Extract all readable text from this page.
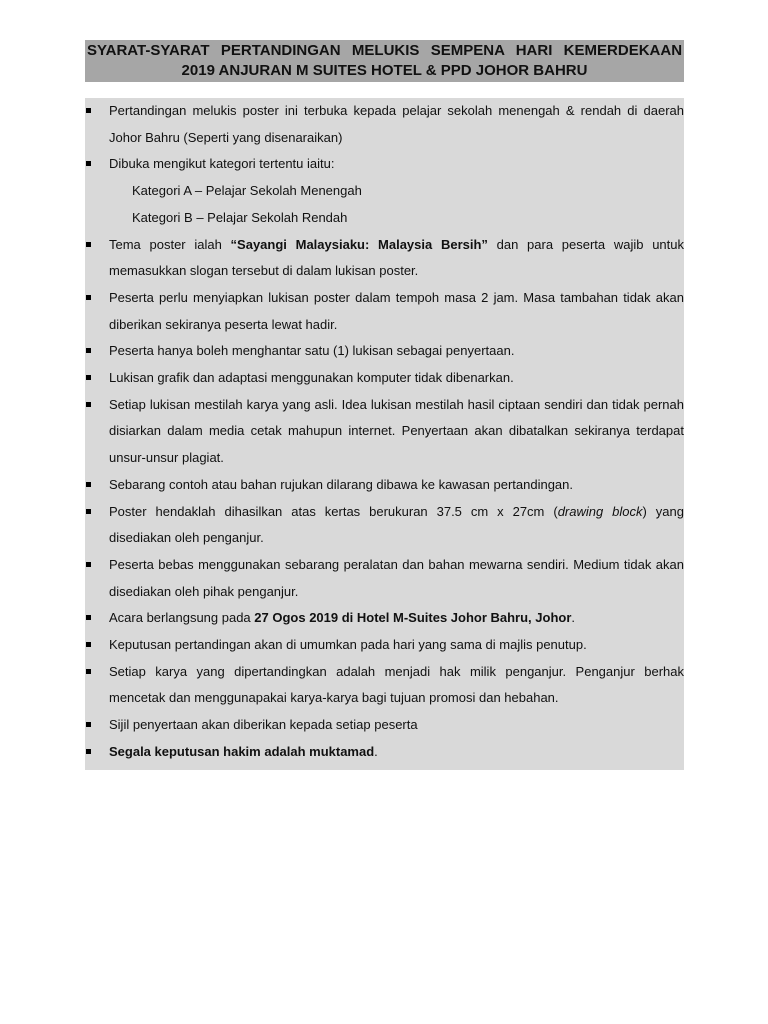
SYARAT-SYARAT PERTANDINGAN MELUKIS SEMPENA HARI KEMERDEKAAN
2019 ANJURAN M SUITES HOTEL & PPD JOHOR BAHRU
Pertandingan melukis poster ini terbuka kepada pelajar sekolah menengah & rendah di daerah Johor Bahru (Seperti yang disenaraikan)
Dibuka mengikut kategori tertentu iaitu:
Kategori A – Pelajar Sekolah Menengah
Kategori B – Pelajar Sekolah Rendah
Tema poster ialah “Sayangi Malaysiaku: Malaysia Bersih” dan para peserta wajib untuk memasukkan slogan tersebut di dalam lukisan poster.
Peserta perlu menyiapkan lukisan poster dalam tempoh masa 2 jam. Masa tambahan tidak akan diberikan sekiranya peserta lewat hadir.
Peserta hanya boleh menghantar satu (1) lukisan sebagai penyertaan.
Lukisan grafik dan adaptasi menggunakan komputer tidak dibenarkan.
Setiap lukisan mestilah karya yang asli. Idea lukisan mestilah hasil ciptaan sendiri dan tidak pernah disiarkan dalam media cetak mahupun internet. Penyertaan akan dibatalkan sekiranya terdapat unsur-unsur plagiat.
Sebarang contoh atau bahan rujukan dilarang dibawa ke kawasan pertandingan.
Poster hendaklah dihasilkan atas kertas berukuran 37.5 cm x 27cm (drawing block) yang disediakan oleh penganjur.
Peserta bebas menggunakan sebarang peralatan dan bahan mewarna sendiri. Medium tidak akan disediakan oleh pihak penganjur.
Acara berlangsung pada 27 Ogos 2019 di Hotel M-Suites Johor Bahru, Johor.
Keputusan pertandingan akan di umumkan pada hari yang sama di majlis penutup.
Setiap karya yang dipertandingkan adalah menjadi hak milik penganjur. Penganjur berhak mencetak dan menggunapakai karya-karya bagi tujuan promosi dan hebahan.
Sijil penyertaan akan diberikan kepada setiap peserta
Segala keputusan hakim adalah muktamad.
